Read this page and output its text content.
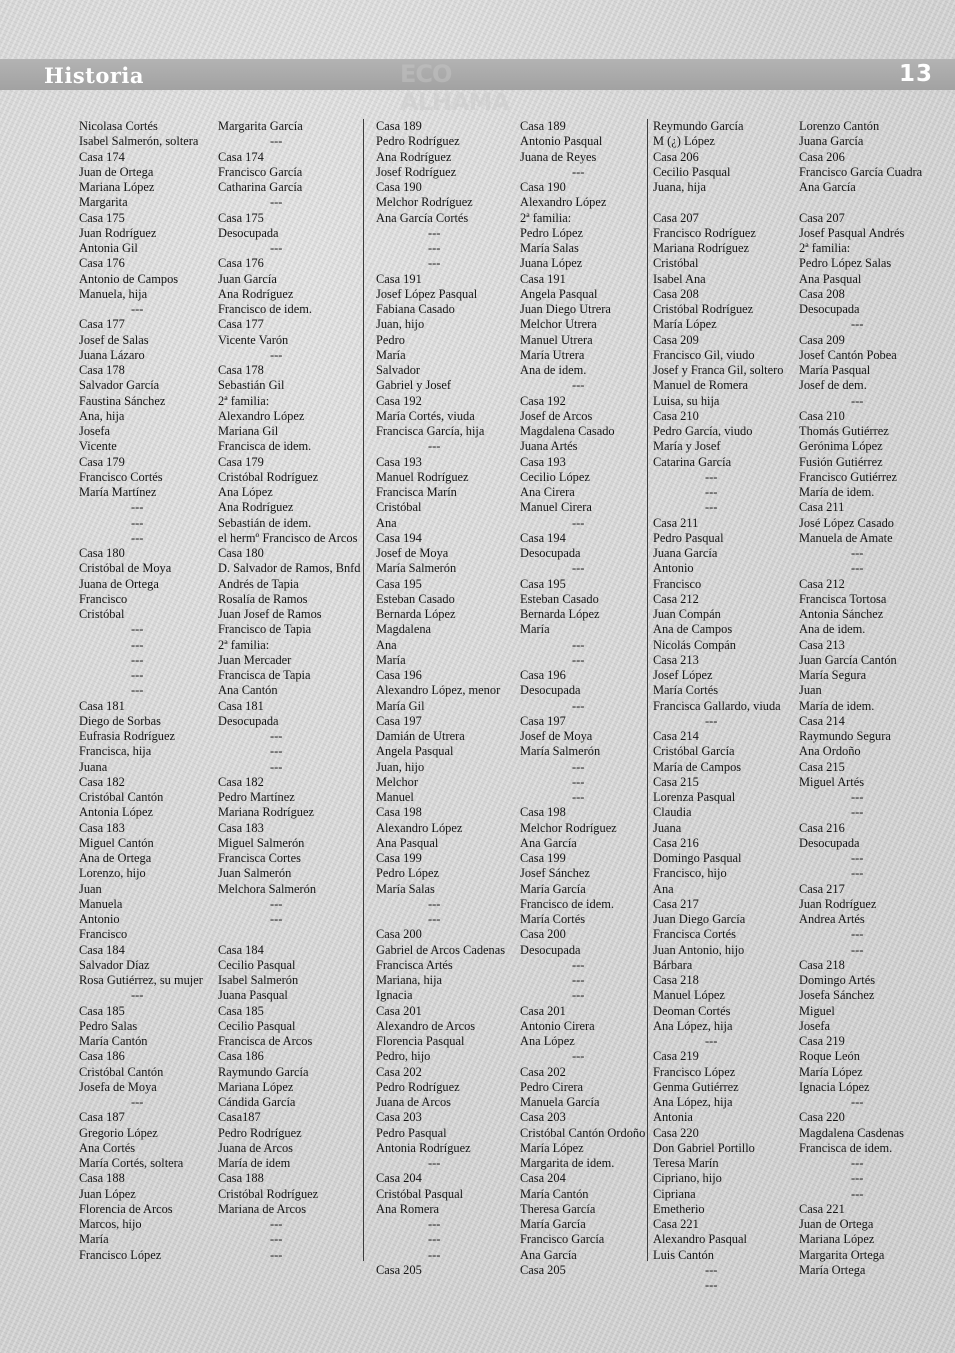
Historia	ECO ALHAMA
13
Nicolasa Cortés
Isabel Salmerón, soltera
Casa 174
Juan de Ortega
Mariana López
Margarita
Casa 175
Juan Rodríguez
Antonia Gil
Casa 176
Antonio de Campos
Manuela, hija
---
Casa 177
Josef de Salas
Juana Lázaro
Casa 178
Salvador García
Faustina Sánchez
Ana, hija
Josefa
Vicente
Casa 179
Francisco Cortés
María Martínez
---
---
---
Casa 180
Cristóbal de Moya
Juana de Ortega
Francisco
Cristóbal
---
---
---
---
---
Casa 181
Diego de Sorbas
Eufrasia Rodríguez
Francisca, hija
Juana
Casa 182
Cristóbal Cantón
Antonia López
Casa 183
Miguel Cantón
Ana de Ortega
Lorenzo, hijo
Juan
Manuela
Antonio
Francisco
Casa 184
Salvador Díaz
Rosa Gutiérrez, su mujer
---
Casa 185
Pedro Salas
María Cantón
Casa 186
Cristóbal Cantón
Josefa de Moya
---
Casa 187
Gregorio López
Ana Cortés
María Cortés, soltera
Casa 188
Juan López
Florencia de Arcos
Marcos, hijo
María
Francisco López
Margarita García
---
Casa 174
Francisco García
Catharina García
---
Casa 175
Desocupada
---
Casa 176
Juan García
Ana Rodríguez
Francisco de idem.
Casa 177
Vicente Varón
---
Casa 178
Sebastián Gil
2ª familia:
Alexandro López
Mariana Gil
Francisca de idem.
Casa 179
Cristóbal Rodríguez
Ana López
Ana Rodríguez
Sebastián de idem.
el hermº Francisco de Arcos
Casa 180
D. Salvador de Ramos, Bnfd
Andrés de Tapia
Rosalía de Ramos
Juan Josef de Ramos
Francisco de Tapia
2ª familia:
Juan Mercader
Francisca de Tapia
Ana Cantón
Casa 181
Desocupada
---
---
---
Casa 182
Pedro Martínez
Mariana Rodríguez
Casa 183
Miguel Salmerón
Francisca Cortes
Juan Salmerón
Melchora Salmerón
---
---
Casa 184
Cecilio Pasqual
Isabel Salmerón
Juana Pasqual
Casa 185
Cecilio Pasqual
Francisca de Arcos
Casa 186
Raymundo García
Mariana López
Cándida García
Casa187
Pedro Rodríguez
Juana de Arcos
María de idem
Casa 188
Cristóbal Rodríguez
Mariana de Arcos
---
---
---
Casa 189
Pedro Rodríguez
Ana Rodríguez
Josef Rodríguez
Casa 190
Melchor Rodríguez
Ana García Cortés
---
---
---
Casa 191
Josef López Pasqual
Fabiana Casado
Juan, hijo
Pedro
María
Salvador
Gabriel y Josef
Casa 192
María Cortés, viuda
Francisca García, hija
---
Casa 193
Manuel Rodríguez
Francisca Marín
Cristóbal
Ana
Casa 194
Josef de Moya
María Salmerón
Casa 195
Esteban Casado
Bernarda López
Magdalena
Ana
María
Casa 196
Alexandro López, menor
María Gil
Casa 197
Damián de Utrera
Angela Pasqual
Juan, hijo
Melchor
Manuel
Casa 198
Alexandro López
Ana Pasqual
Casa 199
Pedro López
María Salas
---
---
Casa 200
Gabriel de Arcos Cadenas
Francisca Artés
Mariana, hija
Ignacia
Casa 201
Alexandro de Arcos
Florencia Pasqual
Pedro, hijo
Casa 202
Pedro Rodríguez
Juana de Arcos
Casa 203
Pedro Pasqual
Antonia Rodríguez
---
Casa 204
Cristóbal Pasqual
Ana Romera
---
---
---
Casa 205
Casa 189
Antonio Pasqual
Juana de Reyes
---
Casa 190
Alexandro López
2ª familia:
Pedro López
María Salas
Juana López
Casa 191
Angela Pasqual
Juan Diego Utrera
Melchor Utrera
Manuel Utrera
María Utrera
Ana de idem.
---
Casa 192
Josef de Arcos
Magdalena Casado
Juana Artés
Casa 193
Cecilio López
Ana Cirera
Manuel Cirera
---
Casa 194
Desocupada
---
Casa 195
Esteban Casado
Bernarda López
María
---
---
Casa 196
Desocupada
---
Casa 197
Josef de Moya
María Salmerón
---
---
---
Casa 198
Melchor Rodríguez
Ana García
Casa 199
Josef Sánchez
María García
Francisco de idem.
María Cortés
Casa 200
Desocupada
---
---
---
Casa 201
Antonio Cirera
Ana López
---
Casa 202
Pedro Cirera
Manuela García
Casa 203
Cristóbal Cantón Ordoño
María López
Margarita de idem.
Casa 204
María Cantón
Theresa García
María García
Francisco García
Ana García
Casa 205
Reymundo García
M (¿) López
Casa 206
Cecilio Pasqual
Juana, hija
Casa 207
Francisco Rodríguez
Mariana Rodríguez
Cristóbal
Isabel Ana
Casa 208
Cristóbal Rodríguez
María López
Casa 209
Francisco Gil, viudo
Josef y Franca Gil, soltero
Manuel de Romera
Luisa, su hija
Casa 210
Pedro García, viudo
María y Josef
Catarina García
---
---
---
Casa 211
Pedro Pasqual
Juana García
Antonio
Francisco
Casa 212
Juan Compán
Ana de Campos
Nicolás Compán
Casa 213
Josef López
María Cortés
Francisca Gallardo, viuda
---
Casa 214
Cristóbal García
María de Campos
Casa 215
Lorenza Pasqual
Claudia
Juana
Casa 216
Domingo Pasqual
Francisco, hijo
Ana
Casa 217
Juan Diego García
Francisca Cortés
Juan Antonio, hijo
Bárbara
Casa 218
Manuel López
Deoman Cortés
Ana López, hija
---
Casa 219
Francisco López
Genma Gutiérrez
Ana López, hija
Antonia
Casa 220
Don Gabriel Portillo
Teresa Marín
Cipriano, hijo
Cipriana
Emetherio
Casa 221
Alexandro Pasqual
Luis Cantón
---
---
Lorenzo Cantón
Juana García
Casa 206
Francisco García Cuadra
Ana García
Casa 207
Josef Pasqual Andrés
2ª familia:
Pedro López Salas
Ana Pasqual
Casa 208
Desocupada
---
Casa 209
Josef Cantón Pobea
María Pasqual
Josef de dem.
---
Casa 210
Thomás Gutiérrez
Gerónima López
Fusión Gutiérrez
Francisco Gutiérrez
María de idem.
Casa 211
José López Casado
Manuela de Amate
---
---
Casa 212
Francisca Tortosa
Antonia Sánchez
Ana de idem.
Casa 213
Juan García Cantón
María Segura
Juan
María de idem.
Casa 214
Raymundo Segura
Ana Ordoño
Casa 215
Miguel Artés
---
---
Casa 216
Desocupada
---
---
Casa 217
Juan Rodríguez
Andrea Artés
---
---
Casa 218
Domingo Artés
Josefa Sánchez
Miguel
Josefa
Casa 219
Roque León
María López
Ignacia López
---
Casa 220
Magdalena Casdenas
Francisca de idem.
---
---
---
Casa 221
Juan de Ortega
Mariana López
Margarita Ortega
María Ortega
